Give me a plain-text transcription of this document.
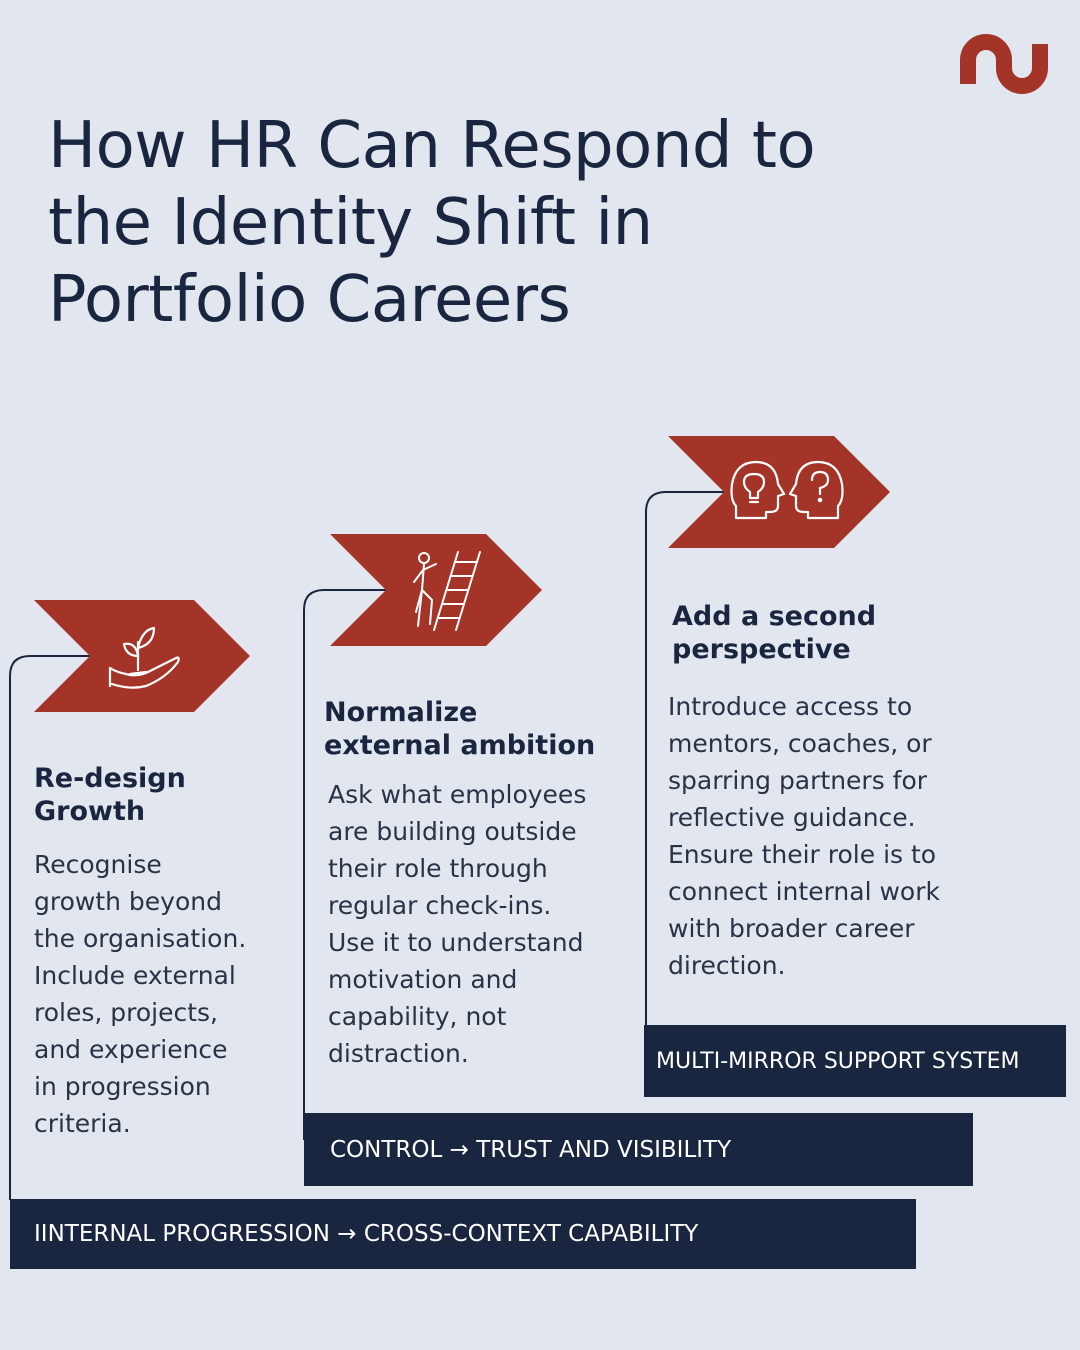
How HR Can Respond to
the Identity Shift in
Portfolio Careers
Re-design
Growth
Recognise
growth beyond
the organisation.
Include external
roles, projects,
and experience
in progression
criteria.
Normalize
external ambition
Ask what employees
are building outside
their role through
regular check-ins.
Use it to understand
motivation and
capability, not
distraction.
Add a second
perspective
Introduce access to
mentors, coaches, or
sparring partners for
reflective guidance.
Ensure their role is to
connect internal work
with broader career
direction.
MULTI-MIRROR SUPPORT SYSTEM
CONTROL → TRUST AND VISIBILITY
IINTERNAL PROGRESSION → CROSS-CONTEXT CAPABILITY
